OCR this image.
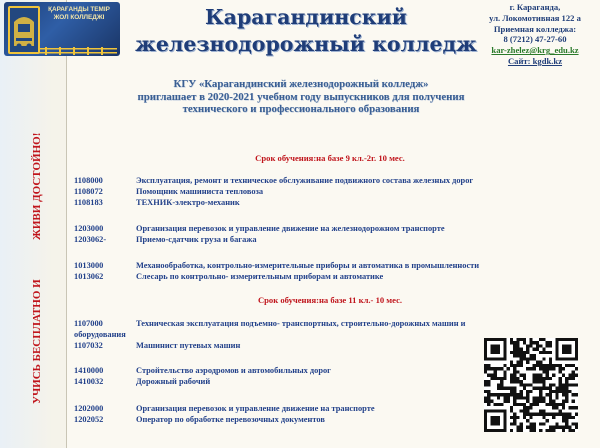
ҚАРАҒАНДЫ ТЕМІР ЖОЛ КОЛЛЕДЖІ	Карагандинский
железнодорожный колледж
г. Караганда,
ул. Локомотивная 122 а
Приемная колледжа:
8 (7212) 47-27-60
kar-zhelez@krg_edu.kz
Сайт: kgdk.kz
УЧИСЬ БЕСПЛАТНО И
ЖИВИ ДОСТОЙНО!
КГУ «Карагандинский железнодорожный колледж»
приглашает в 2020-2021 учебном году выпускников для получения
технического и профессионального образования
Срок обучения:на базе 9 кл.-2г. 10 мес.
1108000	Эксплуатация, ремонт и техническое обслуживание подвижного состава железных дорог
1108072	Помощник машиниста тепловоза
1108183	ТЕХНИК-электро-механик
1203000	Организация перевозок и управление движение на железнодорожном транспорте
1203062-	Приемо-сдатчик груза и багажа
1013000	Механообработка, контрольно-измерительные приборы и автоматика в промышленности
1013062	Слесарь по контрольно- измерительным приборам и автоматике
Срок обучения:на базе 11 кл.- 10 мес.
1107000	Техническая эксплуатация подъемно- транспортных, строительно-дорожных машин и
оборудования
1107032	Машинист путевых машин
1410000	Стройтельство аэродромов и автомобильных дорог
1410032	Дорожный рабочий
1202000	Организация перевозок и управление движение на транспорте
1202052	Оператор по обработке перевозочных документов
